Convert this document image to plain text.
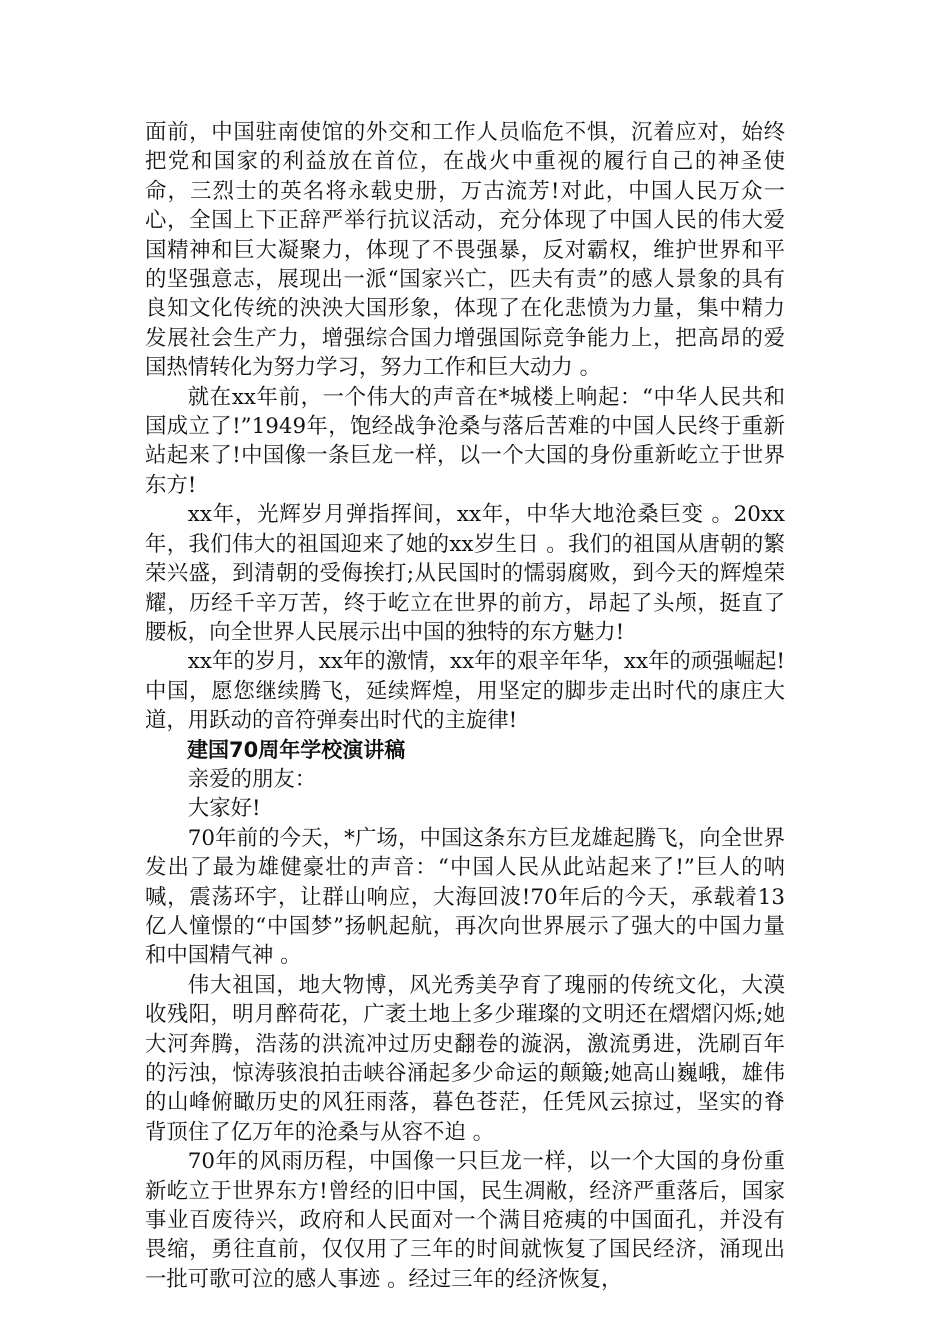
面前，中国驻南使馆的外交和工作人员临危不惧，沉着应对，始终把党和国家的利益放在首位，在战火中重视的履行自己的神圣使命，三烈士的英名将永载史册，万古流芳!对此，中国人民万众一心，全国上下正辞严举行抗议活动，充分体现了中国人民的伟大爱国精神和巨大凝聚力，体现了不畏强暴，反对霸权，维护世界和平的坚强意志，展现出一派“国家兴亡，匹夫有责”的感人景象的具有良知文化传统的泱泱大国形象，体现了在化悲愤为力量，集中精力发展社会生产力，增强综合国力增强国际竞争能力上，把高昂的爱国热情转化为努力学习，努力工作和巨大动力 。

就在xx年前，一个伟大的声音在*城楼上响起：“中华人民共和国成立了!”1949年，饱经战争沧桑与落后苦难的中国人民终于重新站起来了!中国像一条巨龙一样，以一个大国的身份重新屹立于世界东方!

xx年，光辉岁月弹指挥间，xx年，中华大地沧桑巨变 。20xx年，我们伟大的祖国迎来了她的xx岁生日 。我们的祖国从唐朝的繁荣兴盛，到清朝的受侮挨打;从民国时的懦弱腐败，到今天的辉煌荣耀，历经千辛万苦，终于屹立在世界的前方，昂起了头颅，挺直了腰板，向全世界人民展示出中国的独特的东方魅力!

xx年的岁月，xx年的激情，xx年的艰辛年华，xx年的顽强崛起!中国，愿您继续腾飞，延续辉煌，用坚定的脚步走出时代的康庄大道，用跃动的音符弹奏出时代的主旋律!

建国70周年学校演讲稿

亲爱的朋友：

大家好!

70年前的今天，*广场，中国这条东方巨龙雄起腾飞，向全世界发出了最为雄健豪壮的声音：“中国人民从此站起来了!”巨人的呐喊，震荡环宇，让群山响应，大海回波!70年后的今天，承载着13亿人憧憬的“中国梦”扬帆起航，再次向世界展示了强大的中国力量和中国精气神 。

伟大祖国，地大物博，风光秀美孕育了瑰丽的传统文化，大漠收残阳，明月醉荷花，广袤土地上多少璀璨的文明还在熠熠闪烁;她大河奔腾，浩荡的洪流冲过历史翻卷的漩涡，激流勇进，洗刷百年的污浊，惊涛骇浪拍击峡谷涌起多少命运的颠簸;她高山巍峨，雄伟的山峰俯瞰历史的风狂雨落，暮色苍茫，任凭风云掠过，坚实的脊背顶住了亿万年的沧桑与从容不迫 。

70年的风雨历程，中国像一只巨龙一样，以一个大国的身份重新屹立于世界东方!曾经的旧中国，民生凋敝，经济严重落后，国家事业百废待兴，政府和人民面对一个满目疮痍的中国面孔，并没有畏缩，勇往直前，仅仅用了三年的时间就恢复了国民经济，涌现出一批可歌可泣的感人事迹 。经过三年的经济恢复，
